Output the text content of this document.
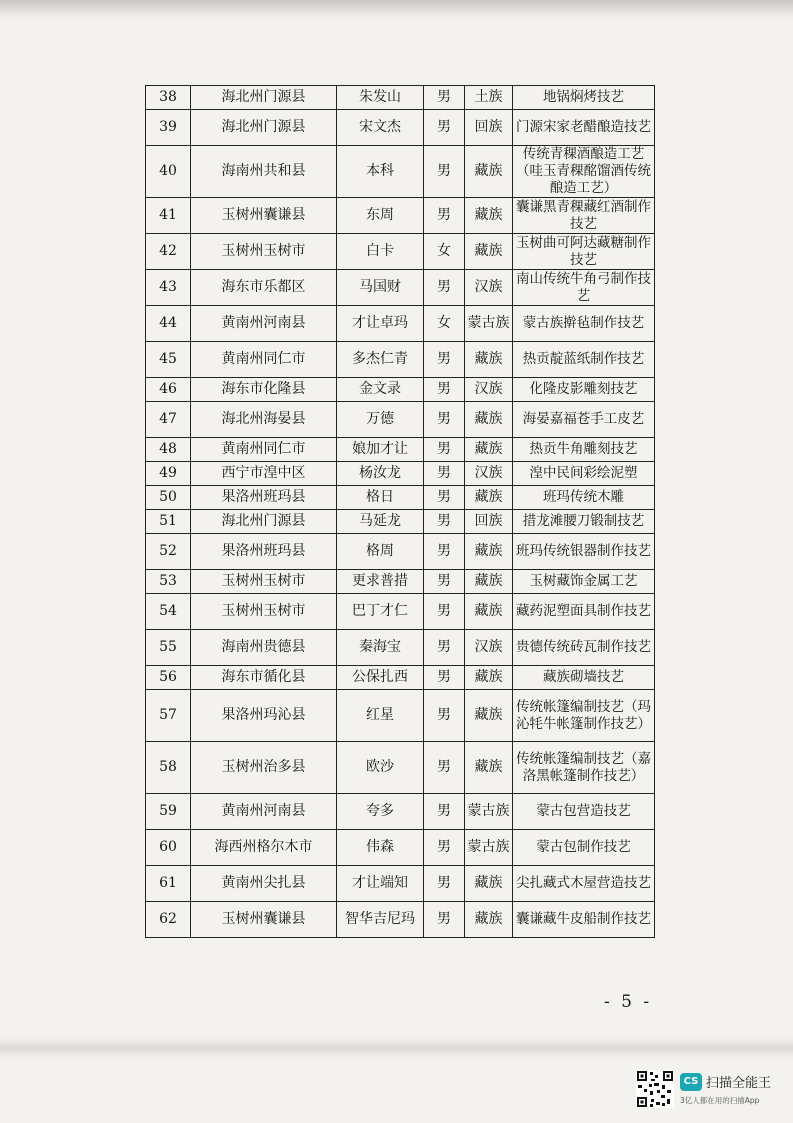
38	海北州门源县	朱发山	男	土族	地锅焖烤技艺
39	海北州门源县	宋文杰	男	回族	门源宋家老醋酿造技艺
40	海南州共和县	本科	男	藏族	传统青稞酒酿造工艺（哇玉青稞酩馏酒传统酿造工艺）
41	玉树州囊谦县	东周	男	藏族	囊谦黑青稞藏红酒制作技艺
42	玉树州玉树市	白卡	女	藏族	玉树曲可阿达藏糖制作技艺
43	海东市乐都区	马国财	男	汉族	南山传统牛角弓制作技艺
44	黄南州河南县	才让卓玛	女	蒙古族	蒙古族擀毡制作技艺
45	黄南州同仁市	多杰仁青	男	藏族	热贡靛蓝纸制作技艺
46	海东市化隆县	金文录	男	汉族	化隆皮影雕刻技艺
47	海北州海晏县	万德	男	藏族	海晏嘉福苍手工皮艺
48	黄南州同仁市	娘加才让	男	藏族	热贡牛角雕刻技艺
49	西宁市湟中区	杨汝龙	男	汉族	湟中民间彩绘泥塑
50	果洛州班玛县	格日	男	藏族	班玛传统木雕
51	海北州门源县	马延龙	男	回族	措龙滩腰刀锻制技艺
52	果洛州班玛县	格周	男	藏族	班玛传统银器制作技艺
53	玉树州玉树市	更求普措	男	藏族	玉树藏饰金属工艺
54	玉树州玉树市	巴丁才仁	男	藏族	藏药泥塑面具制作技艺
55	海南州贵德县	秦海宝	男	汉族	贵德传统砖瓦制作技艺
56	海东市循化县	公保扎西	男	藏族	藏族砌墙技艺
57	果洛州玛沁县	红星	男	藏族	传统帐篷编制技艺（玛沁牦牛帐篷制作技艺）
58	玉树州治多县	欧沙	男	藏族	传统帐篷编制技艺（嘉洛黑帐篷制作技艺）
59	黄南州河南县	夸多	男	蒙古族	蒙古包营造技艺
60	海西州格尔木市	伟森	男	蒙古族	蒙古包制作技艺
61	黄南州尖扎县	才让端知	男	藏族	尖扎藏式木屋营造技艺
62	玉树州囊谦县	智华吉尼玛	男	藏族	囊谦藏牛皮船制作技艺
- 5 -
CS 扫描全能王
3亿人都在用的扫描App
